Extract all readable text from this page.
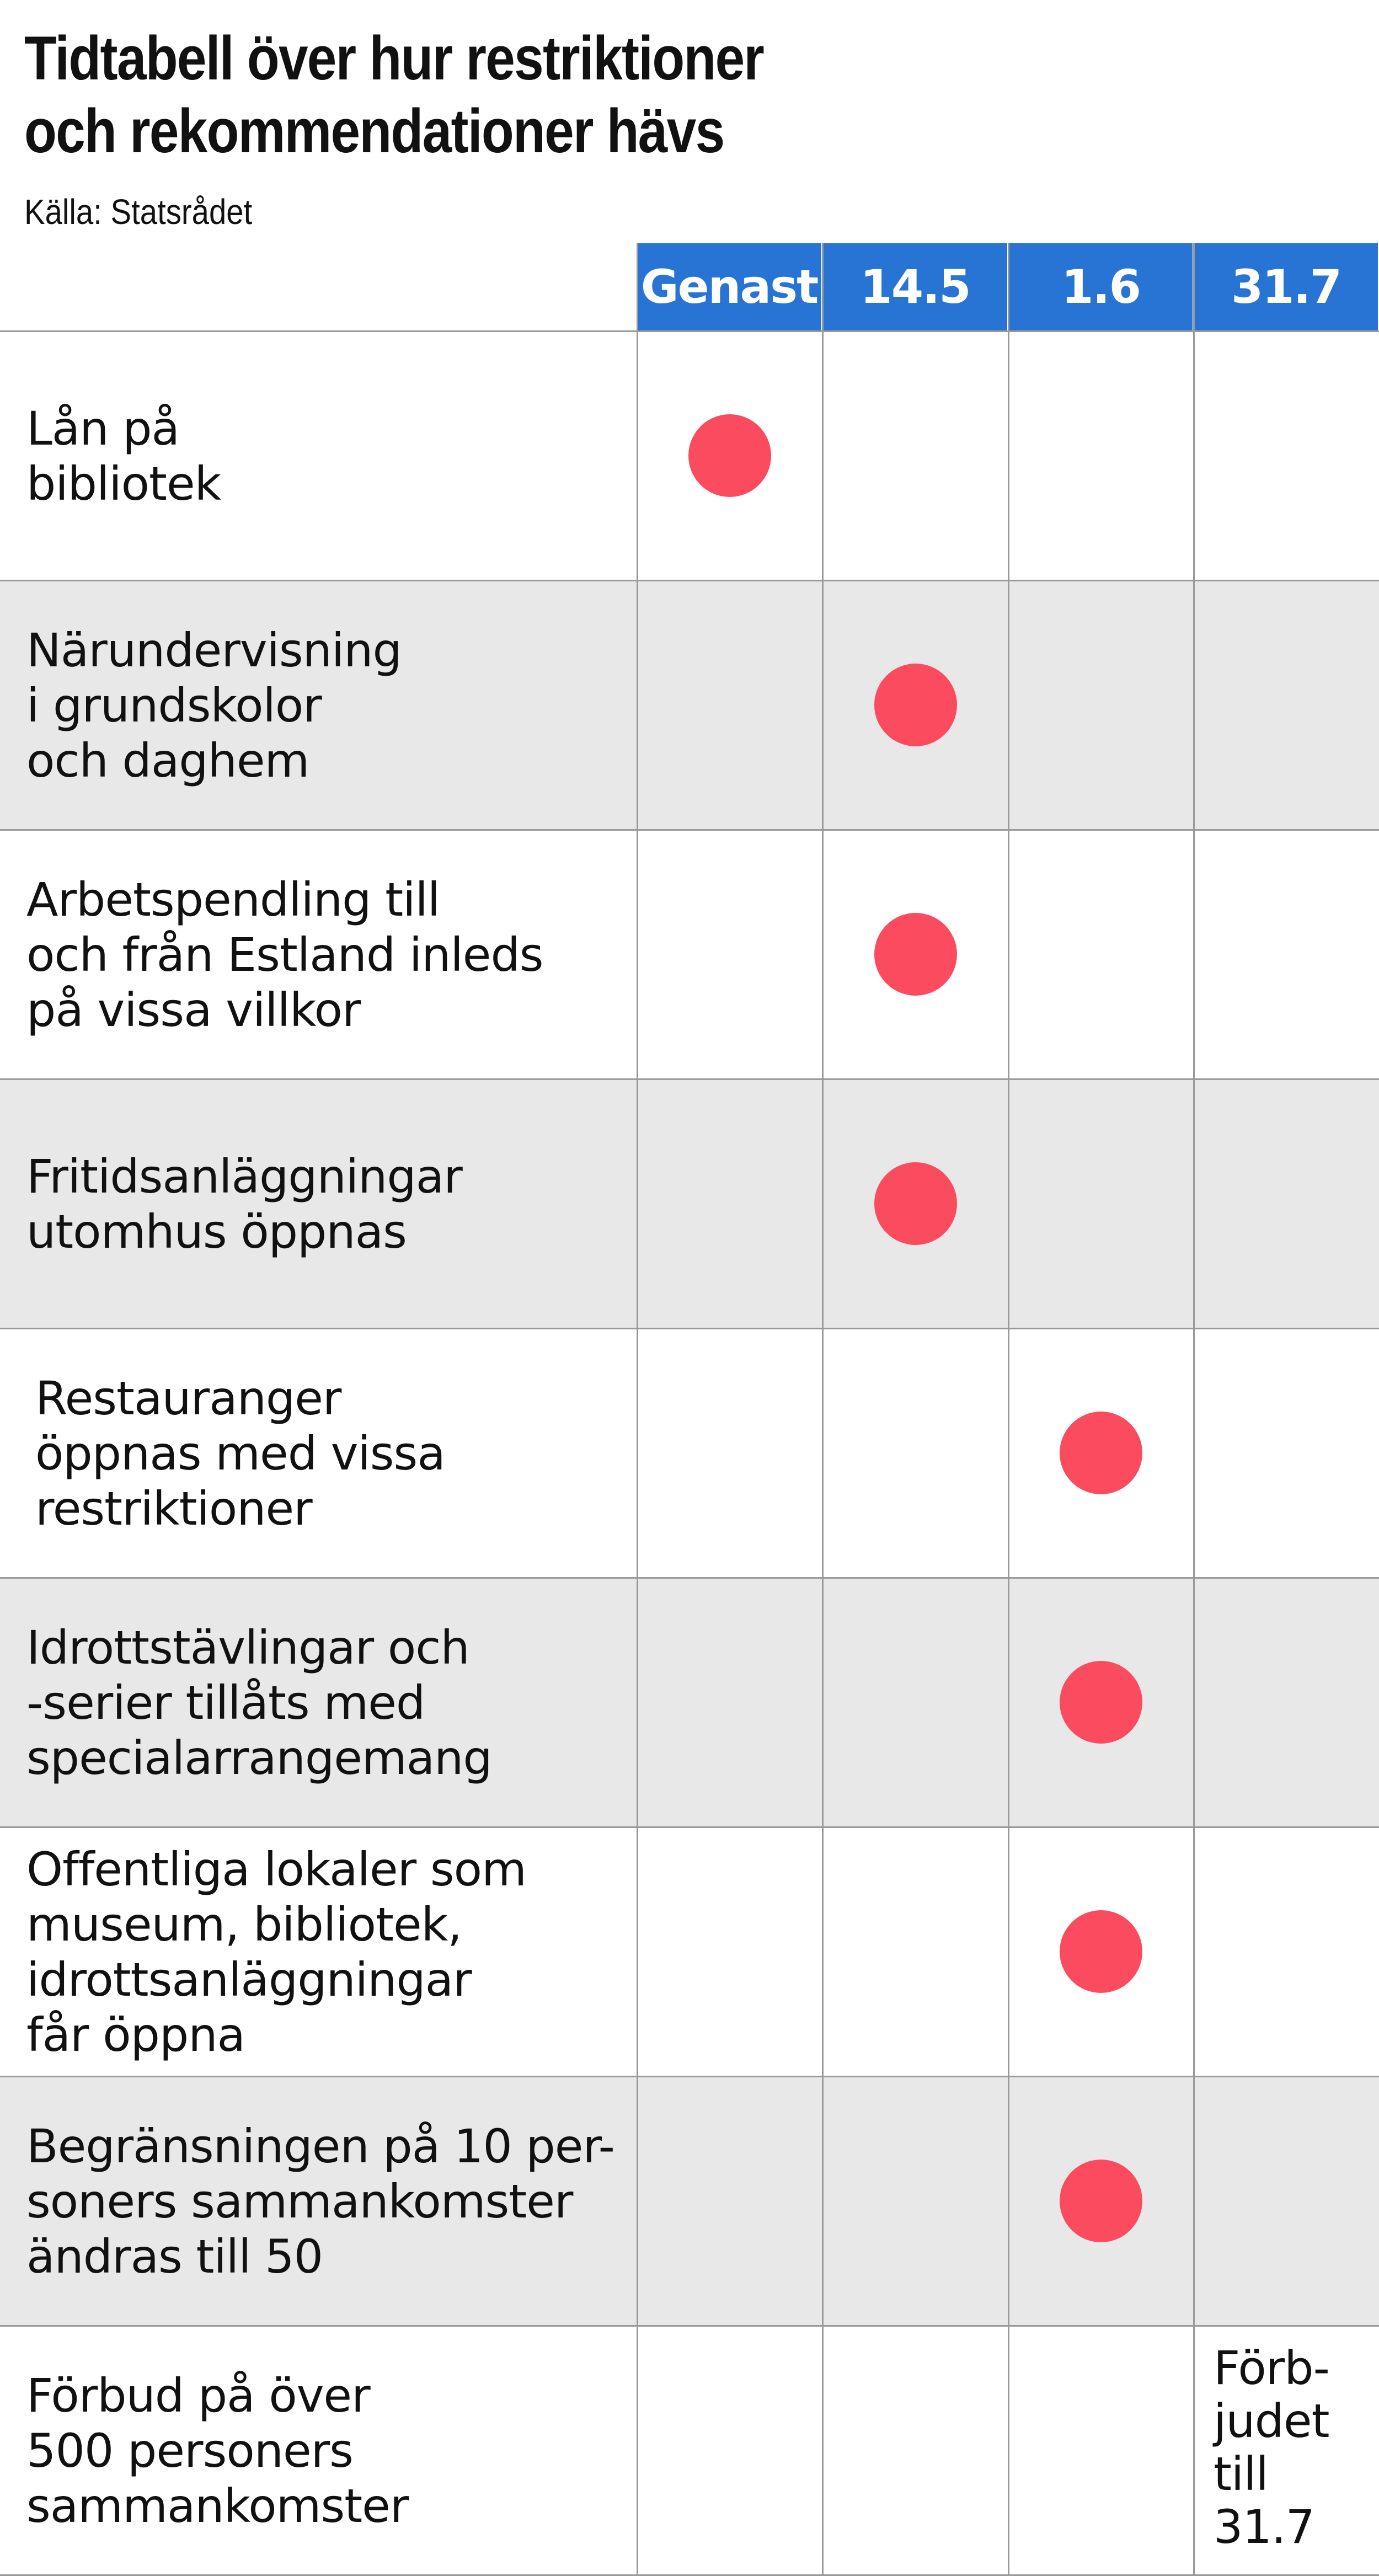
Tidtabell över hur restriktioner
och rekommendationer hävs
Källa: Statsrådet
Genast 14.5	1.6	31.7
Lån på
bibliotek
Närundervisning
i grundskolor
och daghem
Arbetspendling till
och från Estland inleds
på vissa villkor
Fritidsanläggningar
utomhus öppnas
Restauranger
öppnas med vissa
restriktioner
Idrottstävlingar och
-serier tillåts med
specialarrangemang
Offentliga lokaler som
museum, bibliotek,
idrottsanläggningar
får öppna
Begränsningen på 10 per-
soners sammankomster
ändras till 50
Förbud på över
500 personers
sammankomster
Förb-
judet
till
31.7
